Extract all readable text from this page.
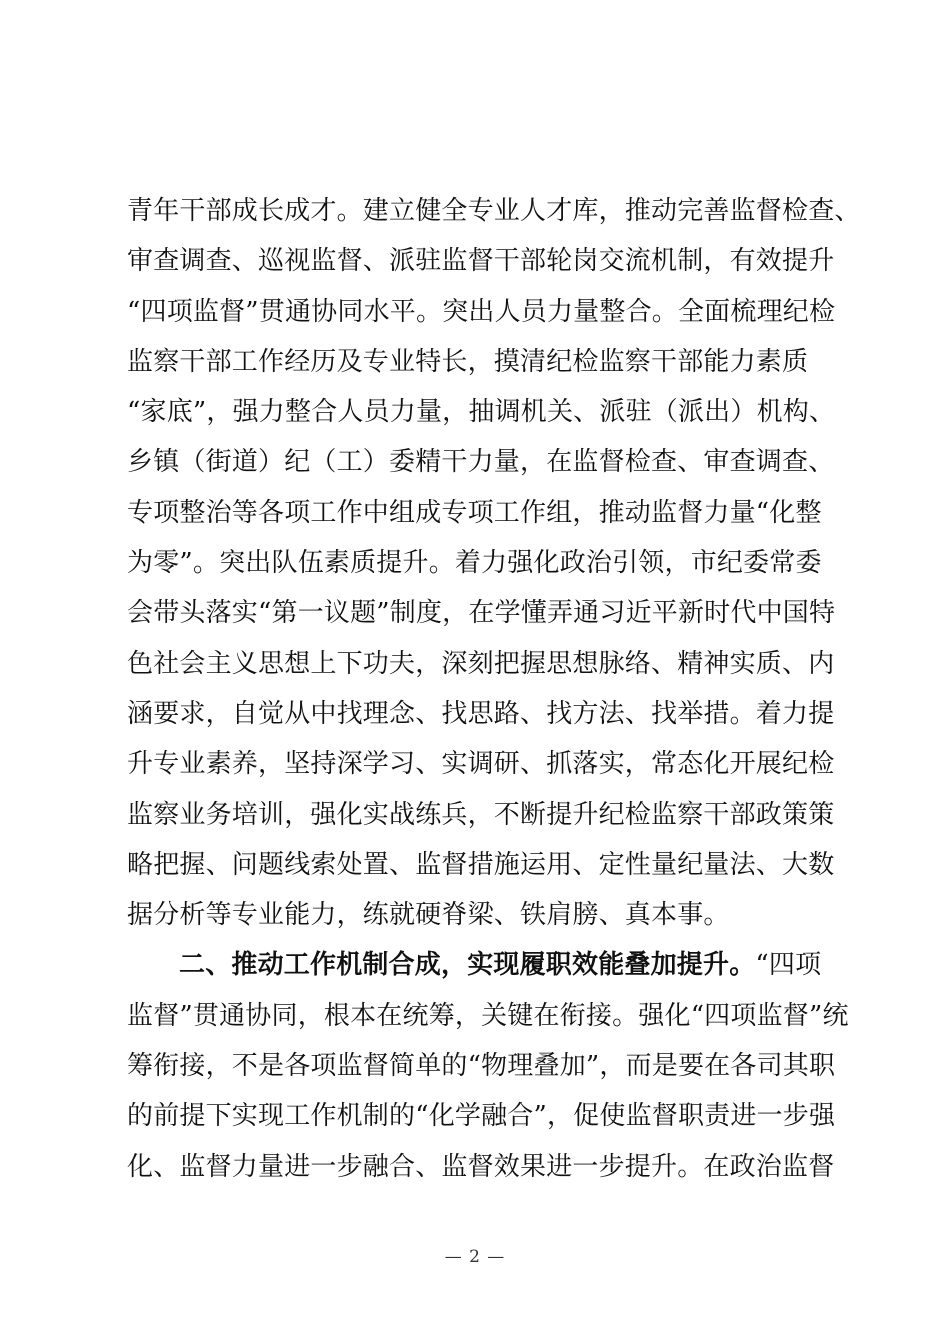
青年干部成长成才。建立健全专业人才库，推动完善监督检查、
审查调查、巡视监督、派驻监督干部轮岗交流机制，有效提升
“四项监督”贯通协同水平。突出人员力量整合。全面梳理纪检
监察干部工作经历及专业特长，摸清纪检监察干部能力素质
“家底”，强力整合人员力量，抽调机关、派驻（派出）机构、
乡镇（街道）纪（工）委精干力量，在监督检查、审查调查、
专项整治等各项工作中组成专项工作组，推动监督力量“化整
为零”。突出队伍素质提升。着力强化政治引领，市纪委常委
会带头落实“第一议题”制度，在学懂弄通习近平新时代中国特
色社会主义思想上下功夫，深刻把握思想脉络、精神实质、内
涵要求，自觉从中找理念、找思路、找方法、找举措。着力提
升专业素养，坚持深学习、实调研、抓落实，常态化开展纪检
监察业务培训，强化实战练兵，不断提升纪检监察干部政策策
略把握、问题线索处置、监督措施运用、定性量纪量法、大数
据分析等专业能力，练就硬脊梁、铁肩膀、真本事。
二、推动工作机制合成，实现履职效能叠加提升。“四项
监督”贯通协同，根本在统筹，关键在衔接。强化“四项监督”统
筹衔接，不是各项监督简单的“物理叠加”，而是要在各司其职
的前提下实现工作机制的“化学融合”，促使监督职责进一步强
化、监督力量进一步融合、监督效果进一步提升。在政治监督
— 2 —
